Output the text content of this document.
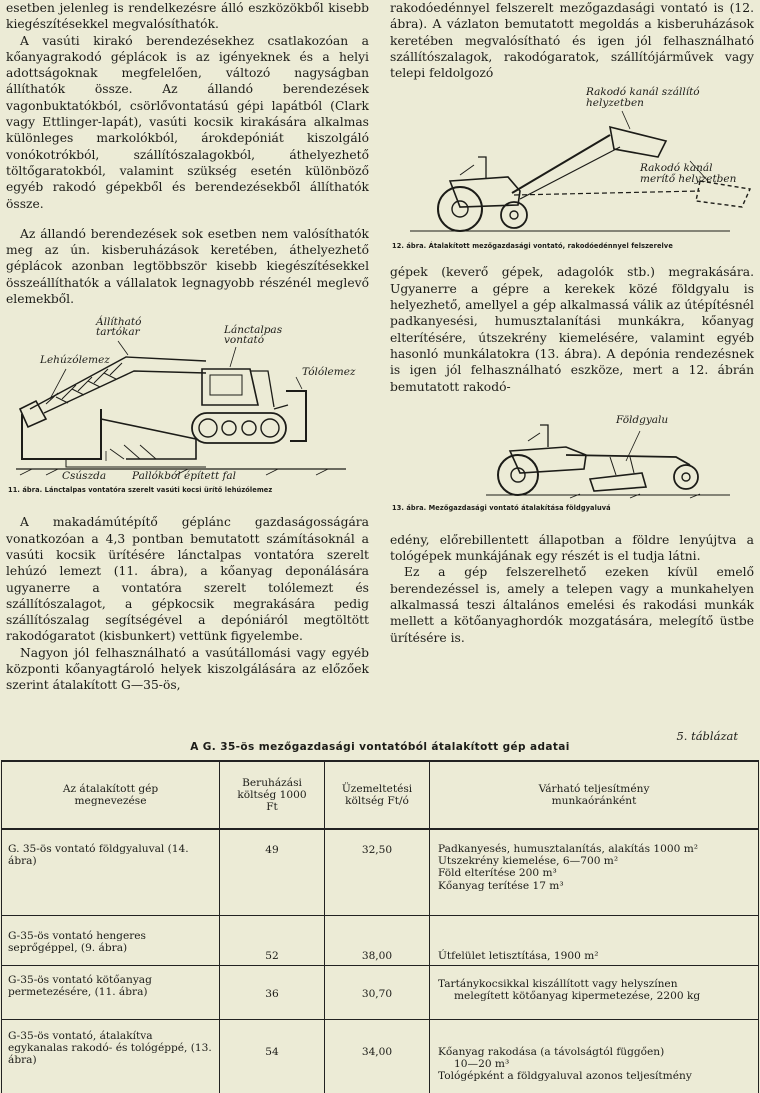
esetben jelenleg is rendelkezésre álló eszközökből kisebb kiegészítésekkel megvalósíthatók.

A vasúti kirakó berendezésekhez csatlakozóan a kőanyagrakodó géplácok is az igényeknek és a helyi adottságoknak megfelelően, változó nagyságban állíthatók össze. Az állandó berendezések vagonbuktatókból, csörlővontatású gépi lapátból (Clark vagy Ettlinger-lapát), vasúti kocsik kirakására alkalmas különleges markolókból, árokdepóniát kiszolgáló vonókotrókból, szállítószalagokból, áthelyezhető töltőgaratokból, valamint szükség esetén különböző egyéb rakodó gépekből és berendezésekből állíthatók össze.

Az állandó berendezések sok esetben nem valósíthatók meg az ún. kisberuházások keretében, áthelyezhető géplácok azonban legtöbbször kisebb kiegészítésekkel összeállíthatók a vállalatok legnagyobb részénél meglevő elemekből.

Állítható tartókar
Lehúzólemez
Lánctalpas vontató
Tólólemez
Csúszda Pallókból épített fal
11. ábra. Lánctalpas vontatóra szerelt vasúti kocsi ürítő lehúzólemez

A makadámútépítő géplánc gazdaságosságára vonatkozóan a 4,3 pontban bemutatott számításoknál a vasúti kocsik ürítésére lánctalpas vontatóra szerelt lehúzó lemezt (11. ábra), a kőanyag deponálására ugyanerre a vontatóra szerelt tolólemezt és szállítószalagot, a gépkocsik megrakására pedig szállítószalag segítségével a depóniáról megtöltött rakodógaratot (kisbunkert) vettünk figyelembe.

Nagyon jól felhasználható a vasútállomási vagy egyéb központi kőanyagtároló helyek kiszolgálására az előzőek szerint átalakított G—35-ös,

rakodóedénnyel felszerelt mezőgazdasági vontató is (12. ábra). A vázlaton bemutatott megoldás a kisberuházások keretében megvalósítható és igen jól felhasználható szállítószalagok, rakodógaratok, szállítójárművek vagy telepi feldolgozó

Rakodó kanál szállító helyzetben
Rakodó kanál merítő helyzetben
12. ábra. Átalakított mezőgazdasági vontató, rakodóedénnyel felszerelve

gépek (keverő gépek, adagolók stb.) megrakására. Ugyanerre a gépre a kerekek közé földgyalu is helyezhető, amellyel a gép alkalmassá válik az útépítésnél padkanyesési, humusztalanítási munkákra, kőanyag elterítésére, útszekrény kiemelésére, valamint egyéb hasonló munkálatokra (13. ábra). A depónia rendezésnek is igen jól felhasználható eszköze, mert a 12. ábrán bemutatott rakodó-

Földgyalu
13. ábra. Mezőgazdasági vontató átalakítása földgyaluvá

edény, előrebillentett állapotban a földre lenyújtva a tológépek munkájának egy részét is el tudja látni.

Ez a gép felszerelhető ezeken kívül emelő berendezéssel is, amely a telepen vagy a munkahelyen alkalmassá teszi általános emelési és rakodási munkák mellett a kötőanyaghordók mozgatására, melegítő üstbe ürítésére is.

5. táblázat
A G. 35-ös mezőgazdasági vontatóból átalakított gép adatai
Az átalakított gép megnevezése	Beruházási költség 1000 Ft	Üzemeltetési költség Ft/ó	Várható teljesítmény munkaóránként
G. 35-ös vontató földgyaluval (14. ábra)	49	32,50	Padkanyesés, humusztalanítás, alakítás 1000 m²
Utszekrény kiemelése, 6—700 m²
Föld elterítése 200 m³
Kőanyag terítése 17 m³

G-35-ös vontató hengeres seprőgéppel, (9. ábra)	52	38,00	Útfelület letisztítása, 1900 m²

G-35-ös vontató kötőanyag permetezésére, (11. ábra)	36	30,70	Tartánykocsikkal kiszállított vagy helyszínen
melegített kötőanyag kipermetezése, 2200 kg

G-35-ös vontató, átalakítva egykanalas rakodó- és tológéppé, (13. ábra)	54	34,00	Kőanyag rakodása (a távolságtól függően)
10—20 m³
Tológépként a földgyaluval azonos teljesítmény
